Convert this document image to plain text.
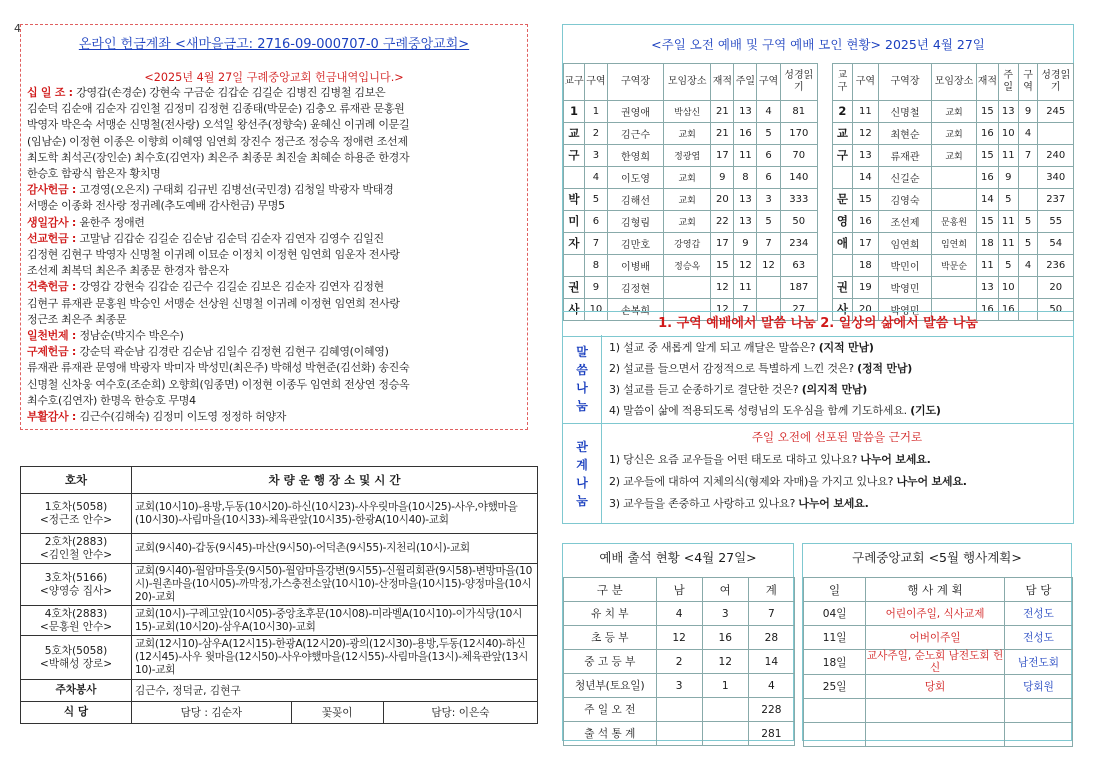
4
온라인 헌금계좌 <새마을금고: 2716-09-000707-0 구례중앙교회>
<2025년 4월 27일 구례중앙교회 헌금내역입니다.>
십 일 조 : 강영갑(손경순) 강현숙 구금순 김갑순 김길순 김병진 김병철 김보은
김순덕 김순애 김순자 김인철 김정미 김정현 김종태(박문순) 김충오 류재관 문홍원
박영자 박은숙 서맹순 신명철(전사랑) 오석일 왕선주(정향숙) 윤혜신 이귀례 이문길
(임남순) 이정현 이종은 이향희 이혜영 임연희 장진수 정근조 정승옥 정애련 조선제
최도학 최석곤(장인순) 최수호(김연자) 최은주 최종문 최진술 최혜순 하용준 한경자
한승호 함광식 함은자 황치명
감사헌금 : 고경영(오은지) 구태회 김규빈 김병선(국민경) 김청일 박광자 박태경
서맹순 이종화 전사랑 정귀례(추도예배 감사헌금) 무명5
생일감사 : 윤한주 정애련
선교헌금 : 고말남 김갑순 김길순 김순남 김순덕 김순자 김연자 김영수 김일진
김정현 김현구 박영자 신명철 이귀례 이묘순 이정치 이정현 임연희 임운자 전사랑
조선제 최복덕 최은주 최종문 한경자 함은자
건축헌금 : 강영갑 강현숙 김갑순 김근수 김길순 김보은 김순자 김연자 김정현
김현구 류재관 문홍원 박승인 서맹순 선상원 신명철 이귀례 이정현 임연희 전사랑
정근조 최은주 최종문
일천번제 : 정남순(박지수 박은수)
구제헌금 : 강순덕 곽순남 김경란 김순남 김일수 김정현 김현구 김혜영(이혜영)
류재관 류재관 문영애 박광자 박미자 박성민(최은주) 박해성 박현준(김선화) 송진숙
신명철 신차웅 여수호(조순희) 오향희(임종면) 이정현 이종두 임연희 전상연 정승옥
최수호(김연자) 한명옥 한승호 무명4
부활감사 : 김근수(김해숙) 김정미 이도영 정정하 허양자
호차	차 량 운 행 장 소 및 시 간		

1호차(5058)
<정근조 안수>	교회(10시10)-용방,두동(10시20)-하신(10시23)-사우릿마을(10시25)-사우,야했마을(10시30)-사림마을(10시33)-체육관앞(10시35)-한광A(10시40)-교회		

2호차(2883)
<김인철 안수>	교회(9시40)-갑동(9시45)-마산(9시50)-어덕촌(9시55)-지천리(10시)-교회		

3호차(5166)
<양영승 집사>	교회(9시40)-월암마을웃(9시50)-월암마을강변(9시55)-신월리회관(9시58)-변방마을(10시)-원촌마을(10시05)-까막정,가스충전소앞(10시10)-산정마을(10시15)-양정마을(10시20)-교회		

4호차(2883)
<문홍원 안수>	교회(10시)-구례고앞(10시05)-중앙초후문(10시08)-미라벨A(10시10)-이가식당(10시15)-교회(10시20)-삼우A(10시30)-교회		

5호차(5058)
<박해성 장로>	교회(12시10)-삼우A(12시15)-한광A(12시20)-광의(12시30)-용방,두동(12시40)-하신(12시45)-사우 윗마을(12시50)-사우야했마을(12시55)-사림마을(13시)-체육관앞(13시10)-교회		
주차봉사	김근수, 정덕균, 김현구		
식 당	담당 : 김순자	꽃꽂이	담당: 이은숙
<주일 오전 예배 및 구역 예배 모인 현황> 2025년 4월 27일
교구	구역	구역장	모임장소	재적	주일	구역	성경읽기
1	1	권영애	박삼신	21	13	4	81
교	2	김근수	교회	21	16	5	170
구	3	한영희	정광엽	17	11	6	70
	4	이도영	교회	9	8	6	140
박	5	김해선	교회	20	13	3	333
미	6	김형림	교회	22	13	5	50
자	7	김만호	강영갑	17	9	7	234
	8	이병배	정승옥	15	12	12	63
권	9	김정현		12	11		187
사	10	손복희		12	7		27
교구	구역	구역장	모임장소	재적	주일	구역	성경읽기
2	11	신명철	교회	15	13	9	245
교	12	최현순	교회	16	10	4	
구	13	류재관	교회	15	11	7	240
	14	신길순		16	9		340
문	15	김영숙		14	5		237
영	16	조선제	문홍원	15	11	5	55
애	17	임연희	임연희	18	11	5	54
	18	박민이	박문순	11	5	4	236
권	19	박영민		13	10		20
사	20	박영민		16	16		50
1. 구역 예배에서 말씀 나눔 2. 일상의 삶에서 말씀 나눔
말
씀
나
눔
1) 설교 중 새롭게 알게 되고 깨달은 말씀은? (지적 만남)
2) 설교를 들으면서 감정적으로 특별하게 느낀 것은? (정적 만남)
3) 설교를 듣고 순종하기로 결단한 것은? (의지적 만남)
4) 말씀이 삶에 적용되도록 성령님의 도우심을 함께 기도하세요. (기도)
관
계
나
눔
주일 오전에 선포된 말씀을 근거로
1) 당신은 요즘 교우들을 어떤 태도로 대하고 있나요? 나누어 보세요.
2) 교우들에 대하여 지체의식(형제와 자매)을 가지고 있나요? 나누어 보세요.
3) 교우들을 존중하고 사랑하고 있나요? 나누어 보세요.
예배 출석 현황 <4월 27일>
구 분	남	여	계
유 치 부	4	3	7
초 등 부	12	16	28
중 고 등 부	2	12	14
청년부(토요일)	3	1	4
주 일 오 전			228
출 석 통 계			281
구례중앙교회 <5월 행사계획>
일	행 사 계 획	담 당
04일	어린이주일, 식사교제	전성도
11일	어버이주일	전성도
18일	교사주일, 순노회 남전도회 헌신	남전도회
25일	당회	당회원
